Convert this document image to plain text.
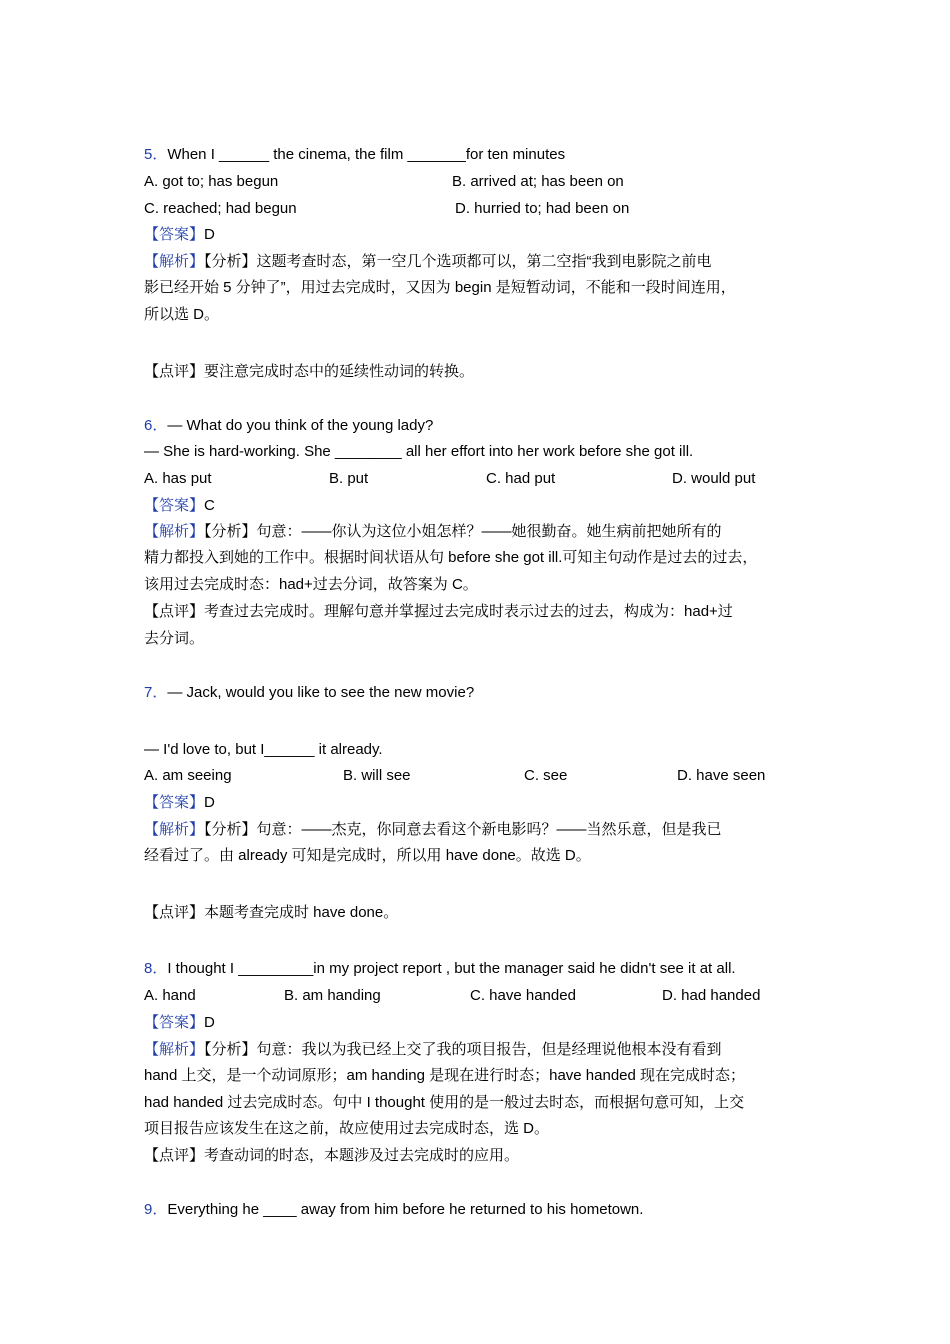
5．When I ______ the cinema, the film _______for ten minutes
A. got to; has begun	B. arrived at; has been on
C. reached; had begun	D. hurried to; had been on
【答案】D
【解析】【分析】这题考查时态，第一空几个选项都可以，第二空指“我到电影院之前电
影已经开始 5 分钟了”，用过去完成时，又因为 begin 是短暂动词，不能和一段时间连用，
所以选 D。
【点评】要注意完成时态中的延续性动词的转换。
6．— What do you think of the young lady?
— She is hard-working. She ________ all her effort into her work before she got ill.
A. has put	B. put	C. had put	D. would put
【答案】C
【解析】【分析】句意：——你认为这位小姐怎样？——她很勤奋。她生病前把她所有的
精力都投入到她的工作中。根据时间状语从句 before she got ill.可知主句动作是过去的过去，
该用过去完成时态：had+过去分词，故答案为 C。
【点评】考查过去完成时。理解句意并掌握过去完成时表示过去的过去，构成为：had+过
去分词。
7．— Jack, would you like to see the new movie?
— I'd love to, but I______ it already.
A. am seeing	B. will see	C. see	D. have seen
【答案】D
【解析】【分析】句意：——杰克，你同意去看这个新电影吗？——当然乐意，但是我已
经看过了。由 already 可知是完成时，所以用 have done。故选 D。
【点评】本题考查完成时 have done。
8．I thought I _________in my project report , but the manager said he didn't see it at all.
A. hand	B. am handing	C. have handed	D. had handed
【答案】D
【解析】【分析】句意：我以为我已经上交了我的项目报告，但是经理说他根本没有看到
hand 上交，是一个动词原形；am handing 是现在进行时态；have handed 现在完成时态；
had handed 过去完成时态。句中 I thought 使用的是一般过去时态，而根据句意可知，上交
项目报告应该发生在这之前，故应使用过去完成时态，选 D。
【点评】考查动词的时态，本题涉及过去完成时的应用。
9．Everything he ____ away from him before he returned to his hometown.
